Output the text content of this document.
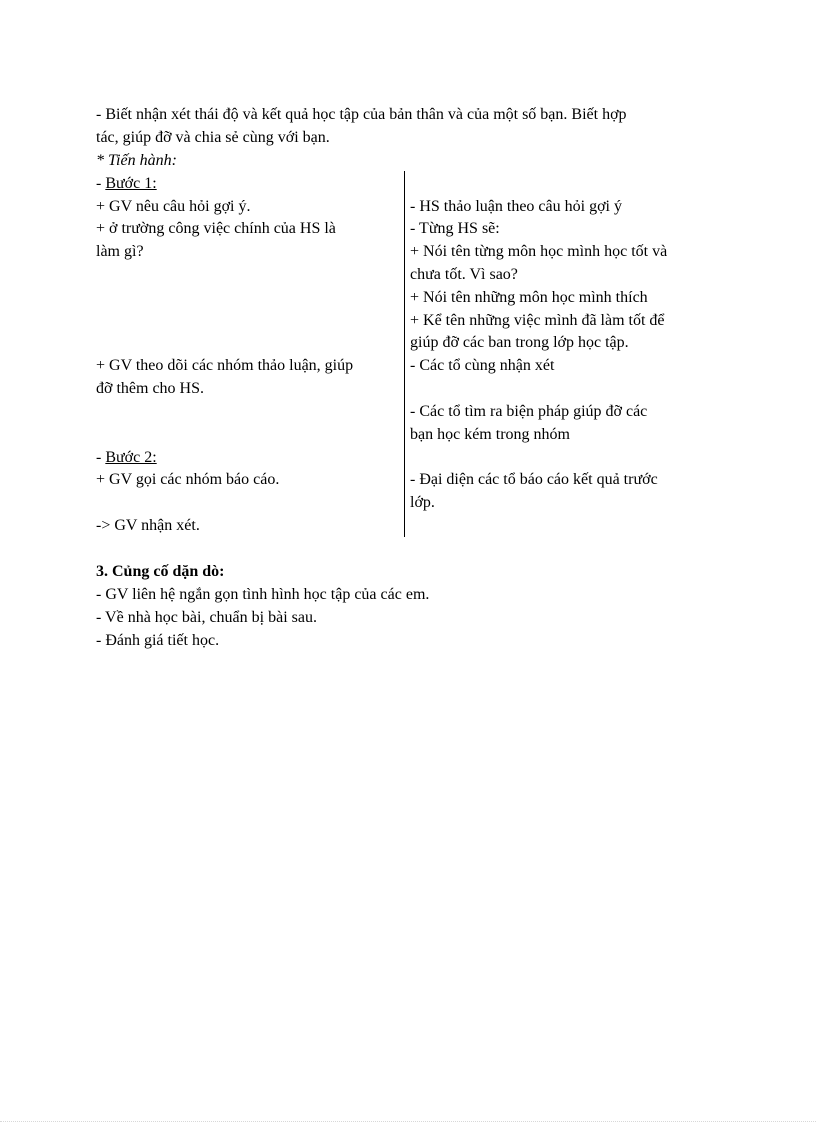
- Biết nhận xét thái độ và kết quả học tập của bản thân và của một số bạn. Biết hợp
tác, giúp đỡ và chia sẻ cùng với bạn.
* Tiến hành:
- Bước 1:
+ GV nêu câu hỏi gợi ý.
+ ở trường công việc chính của HS là
làm gì?
+ GV theo dõi các nhóm thảo luận, giúp
đỡ thêm cho HS.
- HS thảo luận theo câu hỏi gợi ý
- Từng HS sẽ:
+ Nói tên từng môn học mình học tốt và
chưa tốt. Vì sao?
+ Nói tên những môn học mình thích
+ Kể tên những việc mình đã làm tốt để
giúp đỡ các ban trong lớp học tập.
- Các tổ cùng nhận xét
- Các tổ tìm ra biện pháp giúp đỡ các
bạn học kém trong nhóm
- Bước 2:
+ GV gọi các nhóm báo cáo.
-> GV nhận xét.
- Đại diện các tổ báo cáo kết quả trước
lớp.
3. Củng cố dặn dò:
- GV liên hệ ngắn gọn tình hình học tập của các em.
- Về nhà học bài, chuẩn bị bài sau.
- Đánh giá tiết học.
